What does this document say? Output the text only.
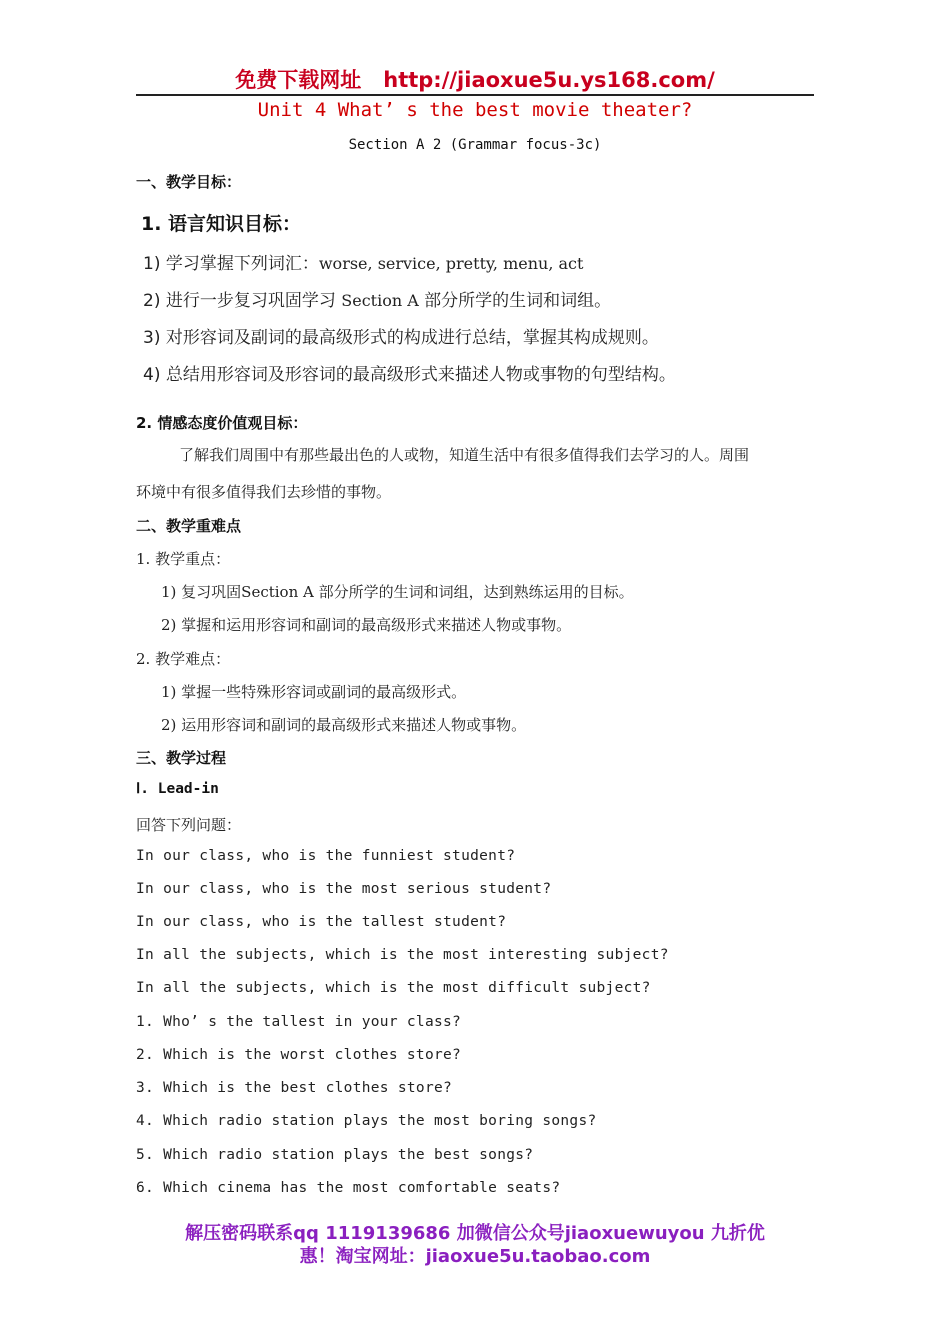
免费下载网址 http://jiaoxue5u.ys168.com/
Unit 4 What’ s the best movie theater?
Section A 2 (Grammar focus-3c)
一、教学目标：
1. 语言知识目标：
1) 学习掌握下列词汇：worse, service, pretty, menu, act
2) 进行一步复习巩固学习 Section A 部分所学的生词和词组。
3) 对形容词及副词的最高级形式的构成进行总结，掌握其构成规则。
4) 总结用形容词及形容词的最高级形式来描述人物或事物的句型结构。
2. 情感态度价值观目标：
了解我们周围中有那些最出色的人或物，知道生活中有很多值得我们去学习的人。周围
环境中有很多值得我们去珍惜的事物。
二、教学重难点
1. 教学重点：
1) 复习巩固Section A 部分所学的生词和词组，达到熟练运用的目标。
2) 掌握和运用形容词和副词的最高级形式来描述人物或事物。
2. 教学难点：
1) 掌握一些特殊形容词或副词的最高级形式。
2) 运用形容词和副词的最高级形式来描述人物或事物。
三、教学过程
Ⅰ. Lead-in
回答下列问题：
In our class, who is the funniest student?
In our class, who is the most serious student?
In our class, who is the tallest student?
In all the subjects, which is the most interesting subject?
In all the subjects, which is the most difficult subject?
1. Who’ s the tallest in your class?
2. Which is the worst clothes store?
3. Which is the best clothes store?
4. Which radio station plays the most boring songs?
5. Which radio station plays the best songs?
6. Which cinema has the most comfortable seats?
解压密码联系qq 1119139686 加微信公众号jiaoxuewuyou 九折优
惠！淘宝网址：jiaoxue5u.taobao.com
